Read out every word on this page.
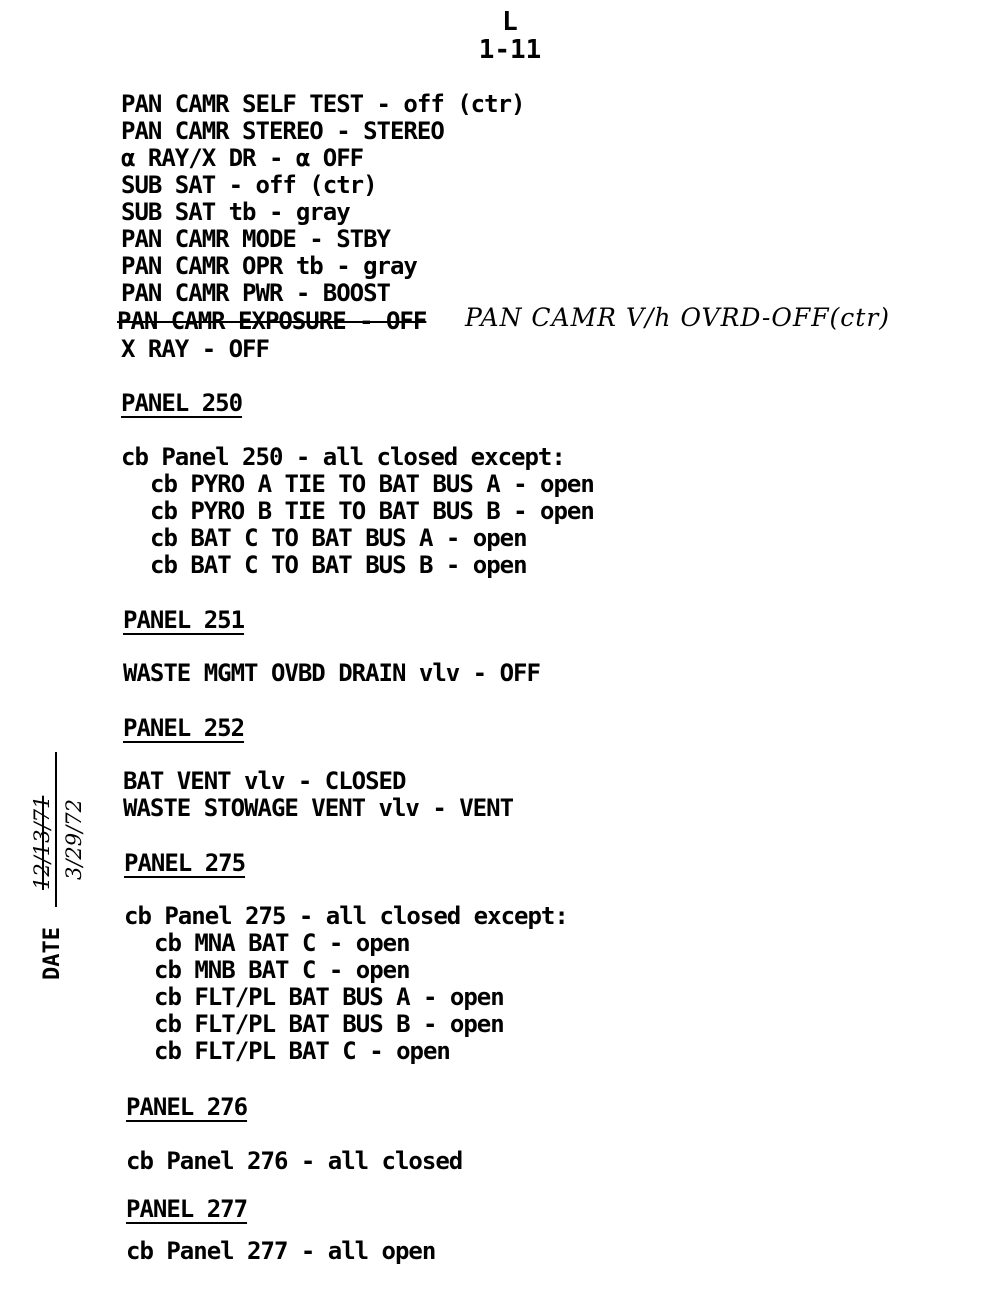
L
1-11
PAN CAMR SELF TEST - off (ctr)
PAN CAMR STEREO - STEREO
α RAY/X DR - α OFF
SUB SAT - off (ctr)
SUB SAT tb - gray
PAN CAMR MODE - STBY
PAN CAMR OPR tb - gray
PAN CAMR PWR - BOOST
PAN CAMR EXPOSURE - OFF PAN CAMR V/h OVRD-OFF(ctr)
X RAY - OFF
PANEL 250
cb Panel 250 - all closed except:
cb PYRO A TIE TO BAT BUS A - open
cb PYRO B TIE TO BAT BUS B - open
cb BAT C TO BAT BUS A - open
cb BAT C TO BAT BUS B - open
PANEL 251
WASTE MGMT OVBD DRAIN vlv - OFF
PANEL 252
BAT VENT vlv - CLOSED
WASTE STOWAGE VENT vlv - VENT
PANEL 275
cb Panel 275 - all closed except:
cb MNA BAT C - open
cb MNB BAT C - open
cb FLT/PL BAT BUS A - open
cb FLT/PL BAT BUS B - open
cb FLT/PL BAT C - open
PANEL 276
cb Panel 276 - all closed
PANEL 277
cb Panel 277 - all open
DATE
12/13/71 3/29/72
